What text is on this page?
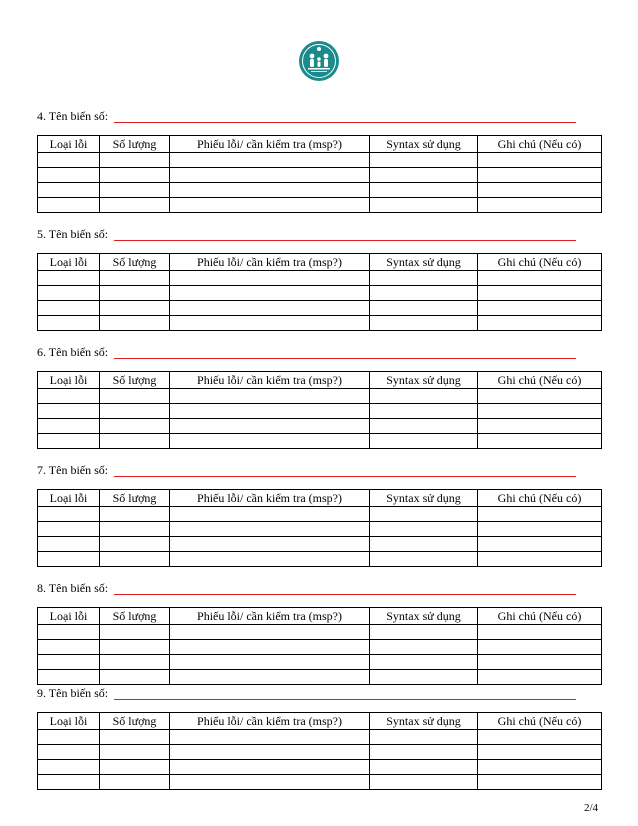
4. Tên biến số:
Loại lỗi	Số lượng	Phiếu lỗi/ cần kiểm tra (msp?)	Syntax sử dụng	Ghi chú (Nếu có)

5. Tên biến số:
Loại lỗi	Số lượng	Phiếu lỗi/ cần kiểm tra (msp?)	Syntax sử dụng	Ghi chú (Nếu có)

6. Tên biến số:
Loại lỗi	Số lượng	Phiếu lỗi/ cần kiểm tra (msp?)	Syntax sử dụng	Ghi chú (Nếu có)

7. Tên biến số:
Loại lỗi	Số lượng	Phiếu lỗi/ cần kiểm tra (msp?)	Syntax sử dụng	Ghi chú (Nếu có)

8. Tên biến số:
Loại lỗi	Số lượng	Phiếu lỗi/ cần kiểm tra (msp?)	Syntax sử dụng	Ghi chú (Nếu có)

9. Tên biến số:
Loại lỗi	Số lượng	Phiếu lỗi/ cần kiểm tra (msp?)	Syntax sử dụng	Ghi chú (Nếu có)

2/4
